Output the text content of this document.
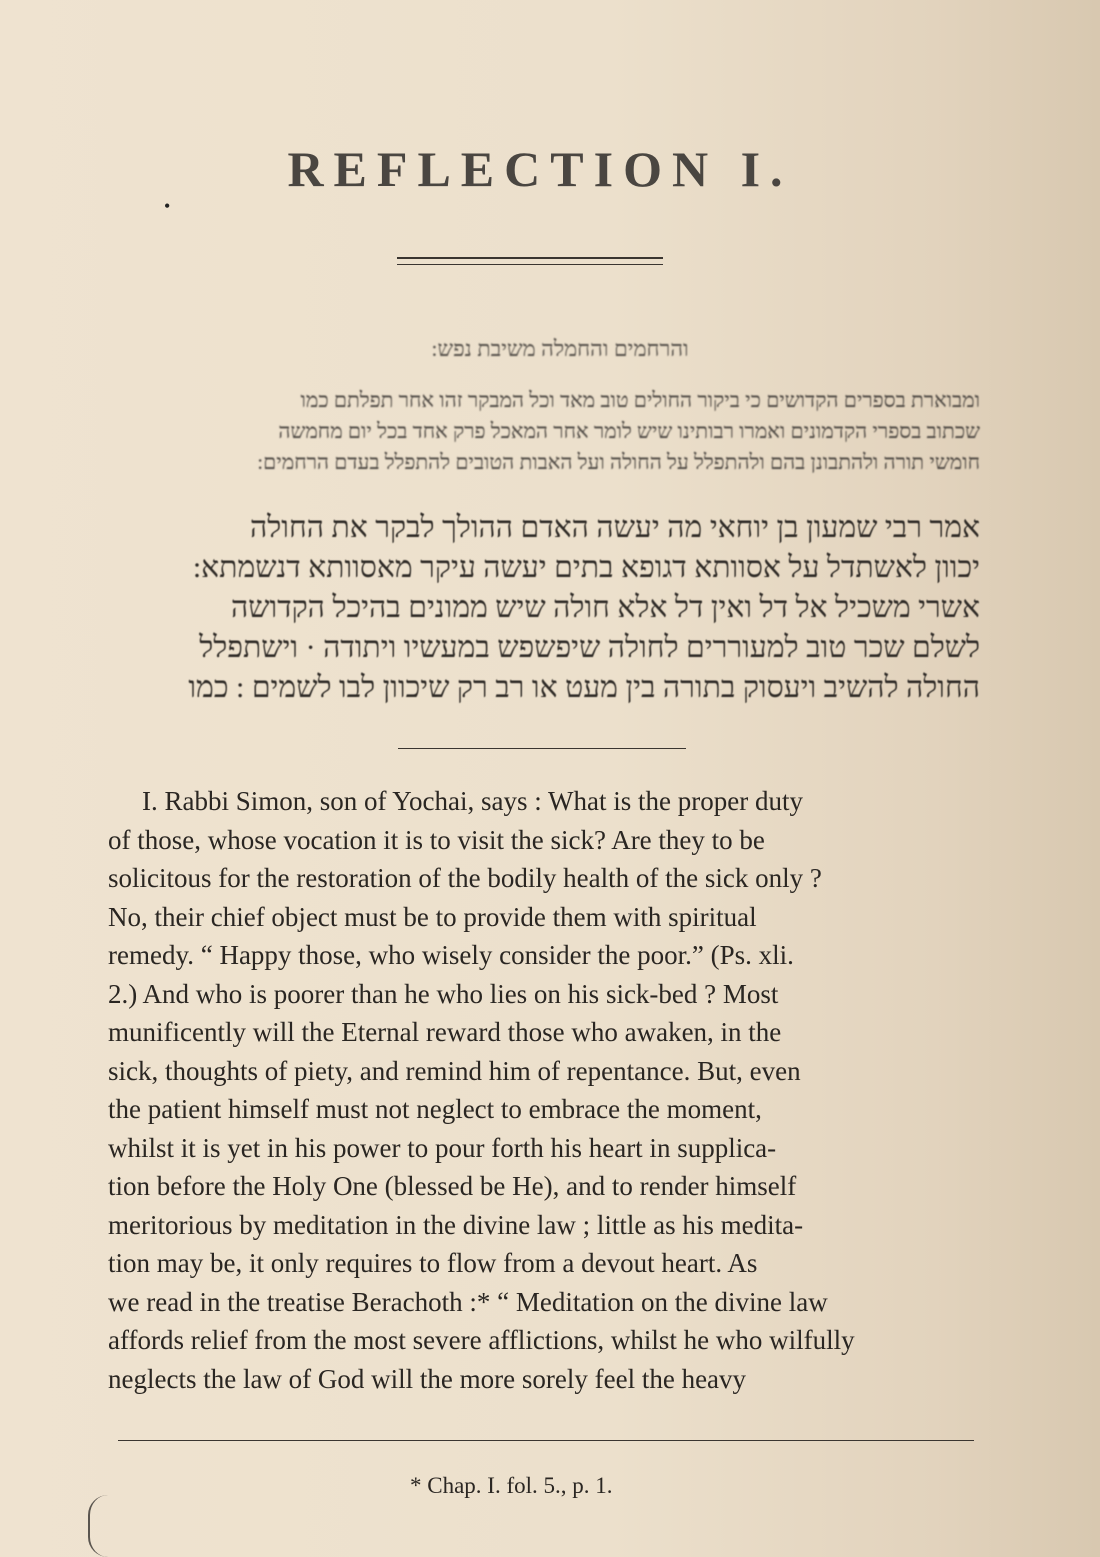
•
REFLECTION I.
והרחמים והחמלה משיבת נפש:
ומבוארת בספרים הקדושים כי ביקור החולים טוב מאד וכל המבקר זהו אחר תפלתם כמו
שכתוב בספרי הקדמונים ואמרו רבותינו שיש לומר אחר המאכל פרק אחד בכל יום מחמשה
חומשי תורה ולהתבונן בהם ולהתפלל על החולה ועל האבות הטובים להתפלל בעדם הרחמים:
אמר רבי שמעון בן יוחאי מה יעשה האדם ההולך לבקר את החולה
יכוון לאשתדל על אסוותא דגופא בתים יעשה עיקר מאסוותא דנשמתא:
אשרי משכיל אל דל ואין דל אלא חולה שיש ממונים בהיכל הקדושה
לשלם שכר טוב למעוררים לחולה שיפשפש במעשיו ויתודה · וישתפלל
החולה להשיב ויעסוק בתורה בין מעט או רב רק שיכוון לבו לשמים : כמו
I. Rabbi Simon, son of Yochai, says : What is the proper duty
of those, whose vocation it is to visit the sick? Are they to be
solicitous for the restoration of the bodily health of the sick only ?
No, their chief object must be to provide them with spiritual
remedy. “ Happy those, who wisely consider the poor.” (Ps. xli.
2.) And who is poorer than he who lies on his sick-bed ? Most
munificently will the Eternal reward those who awaken, in the
sick, thoughts of piety, and remind him of repentance. But, even
the patient himself must not neglect to embrace the moment,
whilst it is yet in his power to pour forth his heart in supplica-
tion before the Holy One (blessed be He), and to render himself
meritorious by meditation in the divine law ; little as his medita-
tion may be, it only requires to flow from a devout heart. As
we read in the treatise Berachoth :* “ Meditation on the divine law
affords relief from the most severe afflictions, whilst he who wilfully
neglects the law of God will the more sorely feel the heavy
* Chap. I. fol. 5., p. 1.
